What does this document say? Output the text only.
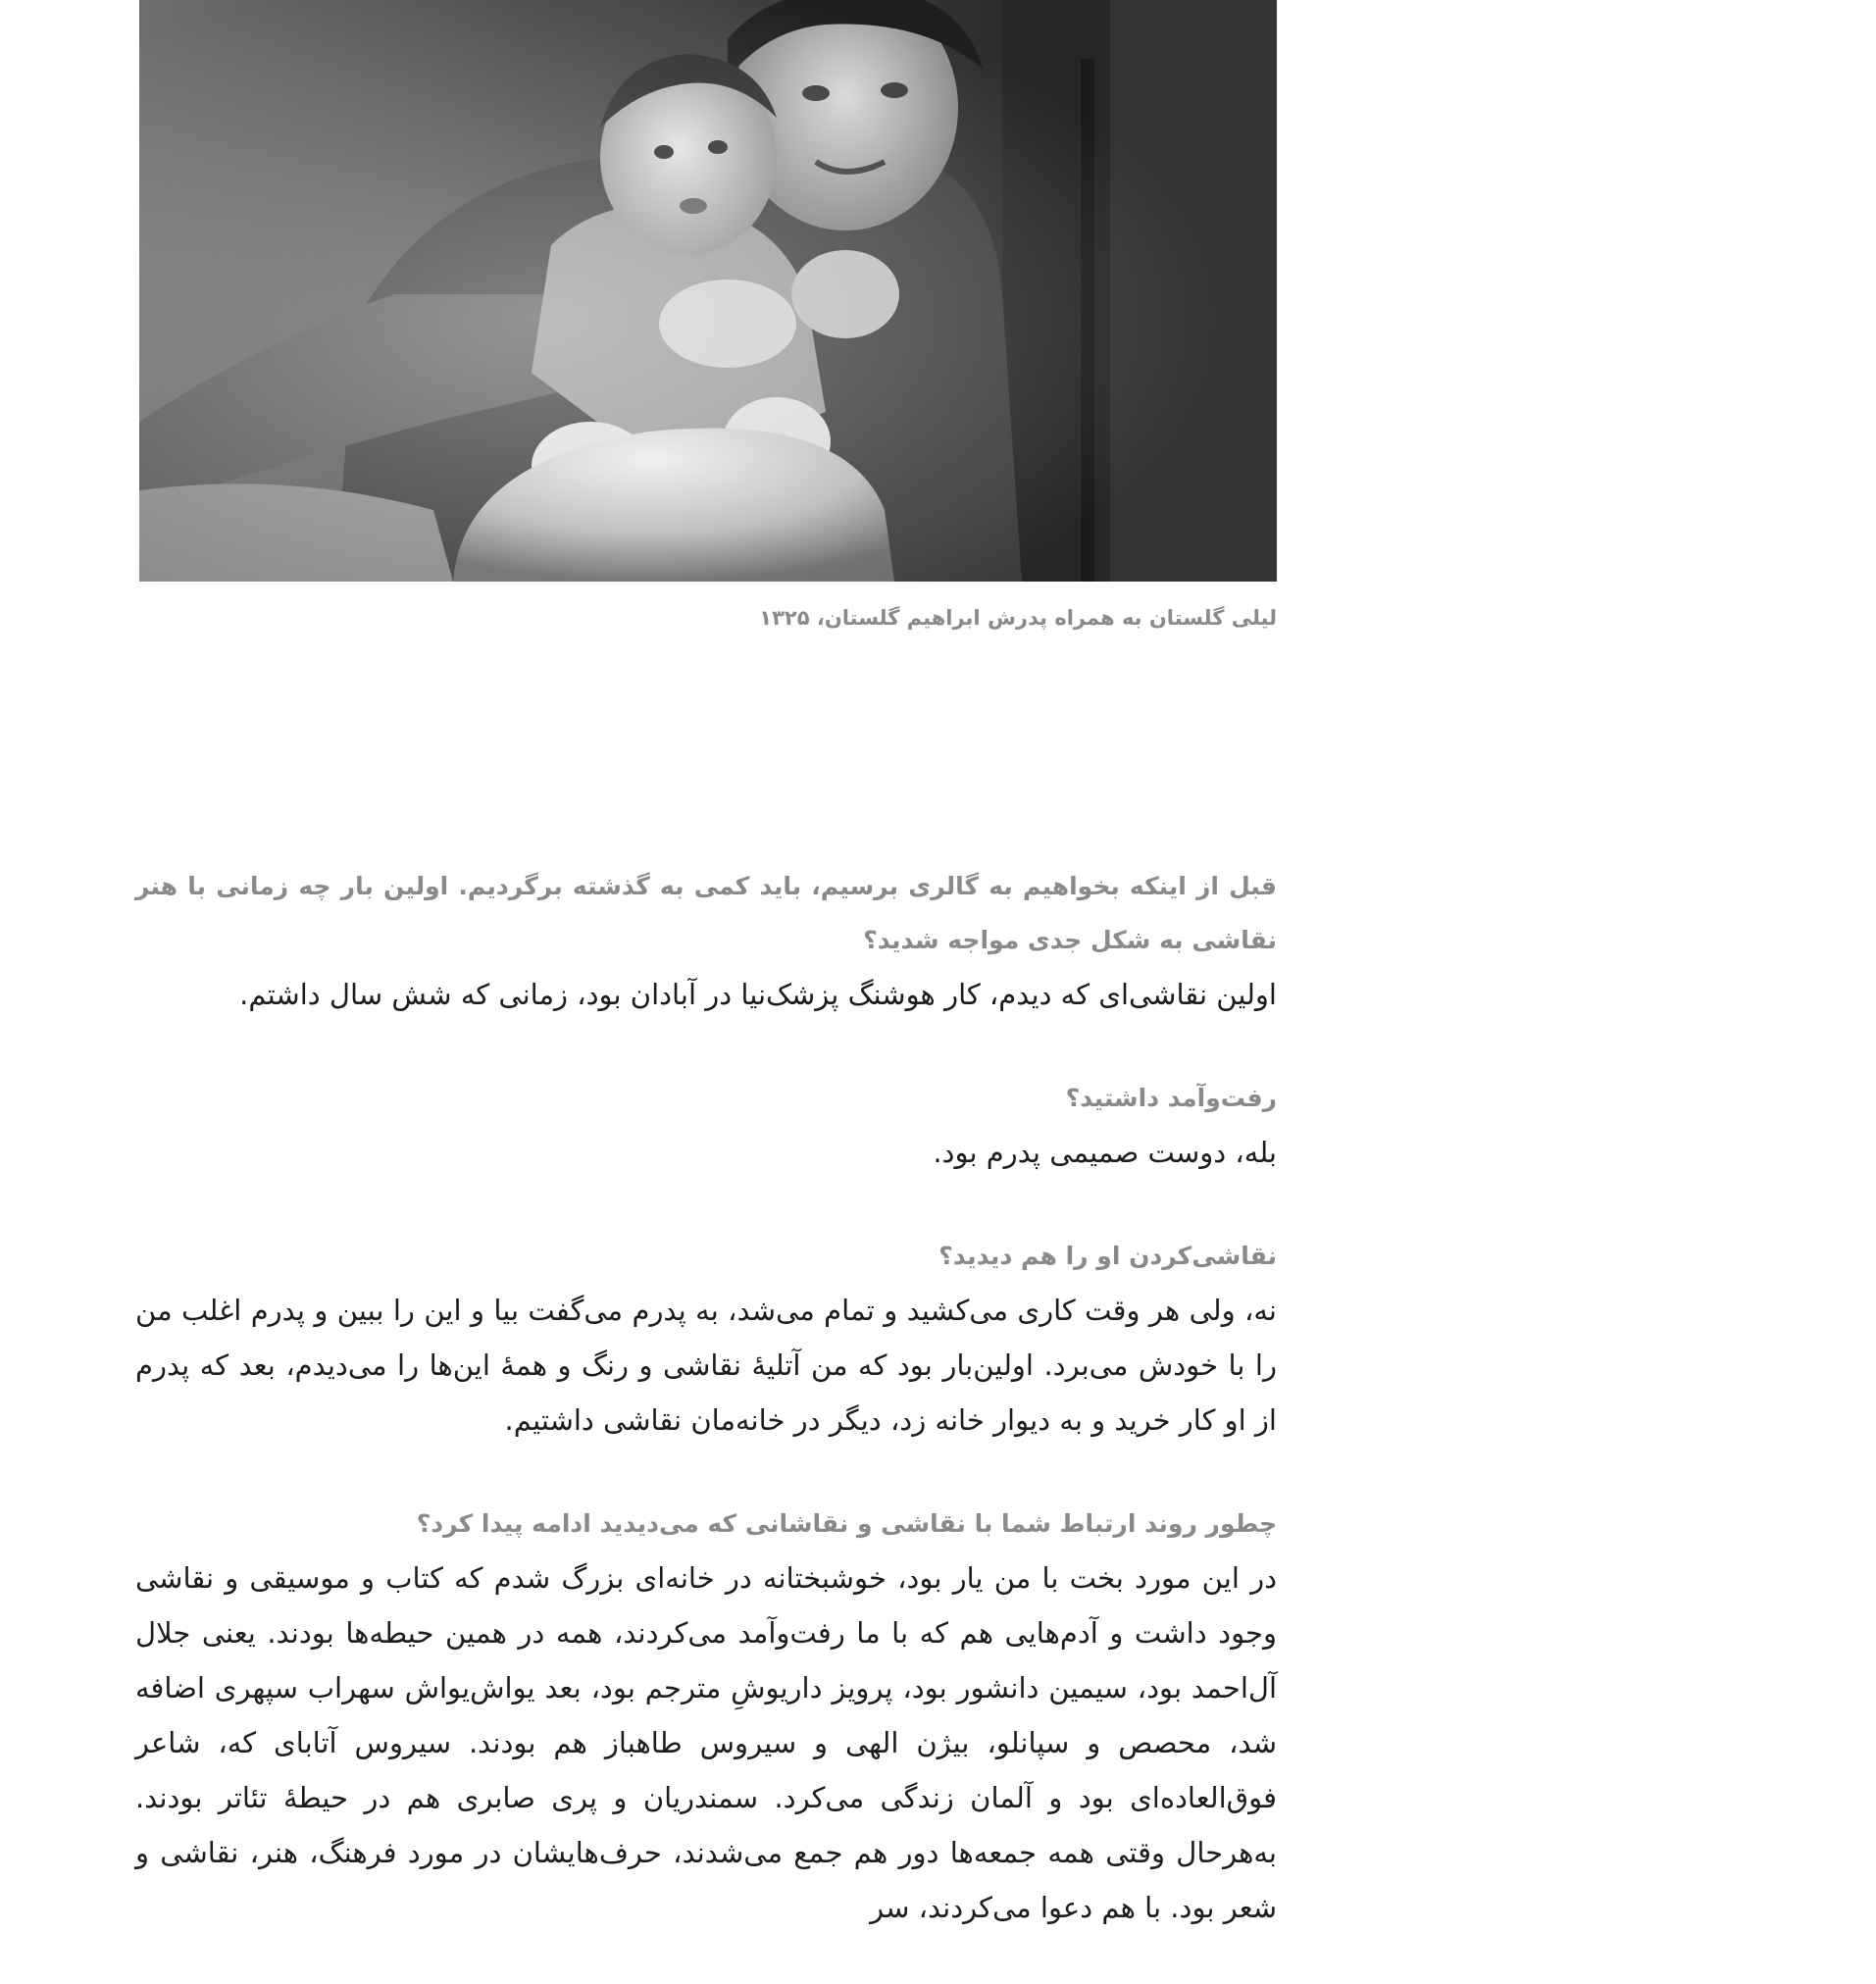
لیلی گلستان به همراه پدرش ابراهیم گلستان، ۱۳۲۵

قبل از اینکه بخواهیم به گالری برسیم، باید کمی به گذشته برگردیم. اولین بار چه زمانی با هنر نقاشی به شکل جدی مواجه شدید؟

اولین نقاشی‌ای که دیدم، کار هوشنگ پزشک‌نیا در آبادان بود، زمانی که شش سال داشتم.

رفت‌وآمد داشتید؟

بله، دوست صمیمی پدرم بود.

نقاشی‌کردن او را هم دیدید؟

نه، ولی هر وقت کاری می‌کشید و تمام می‌شد، به پدرم می‌گفت بیا و این را ببین و پدرم اغلب من را با خودش می‌برد. اولین‌بار بود که من آتلیهٔ نقاشی و رنگ و همهٔ این‌ها را می‌دیدم، بعد که پدرم از او کار خرید و به دیوار خانه زد، دیگر در خانه‌مان نقاشی داشتیم.

چطور روند ارتباط شما با نقاشی و نقاشانی که می‌دیدید ادامه پیدا کرد؟

در این مورد بخت با من یار بود، خوشبختانه در خانه‌ای بزرگ شدم که کتاب و موسیقی و نقاشی وجود داشت و آدم‌هایی هم که با ما رفت‌وآمد می‌کردند، همه در همین حیطه‌ها بودند. یعنی جلال آل‌احمد بود، سیمین دانشور بود، پرویز داریوشِ مترجم بود، بعد یواش‌یواش سهراب سپهری اضافه شد، محصص و سپانلو، بیژن الهی و سیروس طاهباز هم بودند. سیروس آتابای که، شاعر فوق‌العاده‌ای بود و آلمان زندگی می‌کرد. سمندریان و پری صابری هم در حیطهٔ تئاتر بودند. به‌هرحال وقتی همه جمعه‌ها دور هم جمع می‌شدند، حرف‌هایشان در مورد فرهنگ، هنر، نقاشی و شعر بود. با هم دعوا می‌کردند، سر
